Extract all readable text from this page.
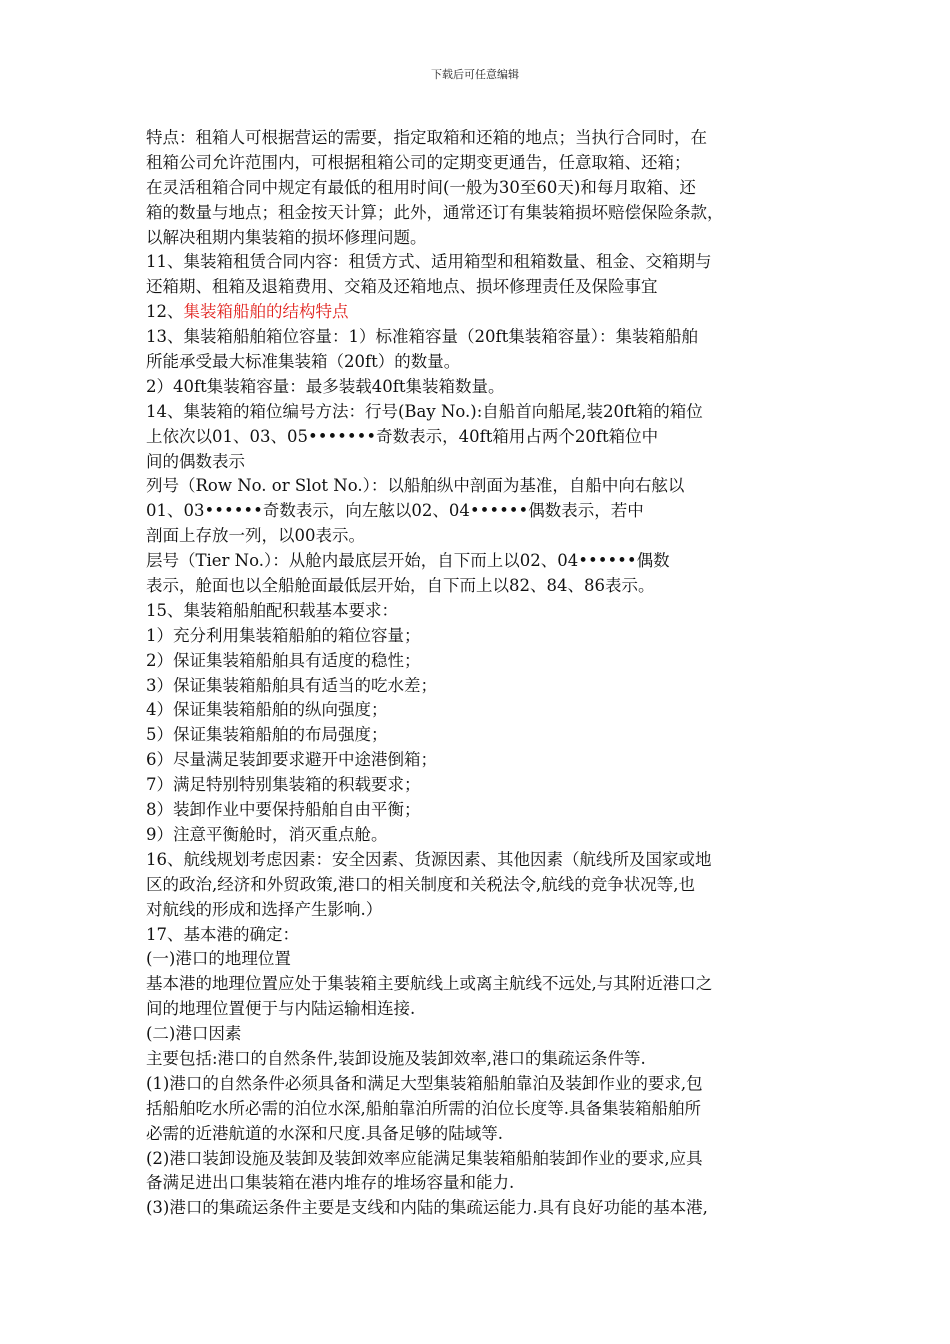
下载后可任意编辑
特点：租箱人可根据营运的需要，指定取箱和还箱的地点；当执行合同时，在
租箱公司允许范围内，可根据租箱公司的定期变更通告，任意取箱、还箱；
在灵活租箱合同中规定有最低的租用时间(一般为30至60天)和每月取箱、还
箱的数量与地点；租金按天计算；此外，通常还订有集装箱损坏赔偿保险条款，
以解决租期内集装箱的损坏修理问题。
11、集装箱租赁合同内容：租赁方式、适用箱型和租箱数量、租金、交箱期与
还箱期、租箱及退箱费用、交箱及还箱地点、损坏修理责任及保险事宜
12、集装箱船舶的结构特点
13、集装箱船舶箱位容量：1）标准箱容量（20ft集装箱容量）：集装箱船舶
所能承受最大标准集装箱（20ft）的数量。
2）40ft集装箱容量：最多装载40ft集装箱数量。
14、集装箱的箱位编号方法：行号(Bay No.):自船首向船尾,装20ft箱的箱位
上依次以01、03、05•••••••奇数表示，40ft箱用占两个20ft箱位中
间的偶数表示
列号（Row No. or Slot No.）：以船舶纵中剖面为基准，自船中向右舷以
01、03••••••奇数表示，向左舷以02、04••••••偶数表示，若中
剖面上存放一列，以00表示。
层号（Tier No.）：从舱内最底层开始，自下而上以02、04••••••偶数
表示，舱面也以全船舱面最低层开始，自下而上以82、84、86表示。
15、集装箱船舶配积载基本要求：
1）充分利用集装箱船舶的箱位容量；
2）保证集装箱船舶具有适度的稳性；
3）保证集装箱船舶具有适当的吃水差；
4）保证集装箱船舶的纵向强度；
5）保证集装箱船舶的布局强度；
6）尽量满足装卸要求避开中途港倒箱；
7）满足特别特别集装箱的积载要求；
8）装卸作业中要保持船舶自由平衡；
9）注意平衡舱时，消灭重点舱。
16、航线规划考虑因素：安全因素、货源因素、其他因素（航线所及国家或地
区的政治,经济和外贸政策,港口的相关制度和关税法令,航线的竞争状况等,也
对航线的形成和选择产生影响.）
17、基本港的确定：
(一)港口的地理位置
基本港的地理位置应处于集装箱主要航线上或离主航线不远处,与其附近港口之
间的地理位置便于与内陆运输相连接.
(二)港口因素
主要包括:港口的自然条件,装卸设施及装卸效率,港口的集疏运条件等.
(1)港口的自然条件必须具备和满足大型集装箱船舶靠泊及装卸作业的要求,包
括船舶吃水所必需的泊位水深,船舶靠泊所需的泊位长度等.具备集装箱船舶所
必需的近港航道的水深和尺度.具备足够的陆域等.
(2)港口装卸设施及装卸及装卸效率应能满足集装箱船舶装卸作业的要求,应具
备满足进出口集装箱在港内堆存的堆场容量和能力.
(3)港口的集疏运条件主要是支线和内陆的集疏运能力.具有良好功能的基本港,
